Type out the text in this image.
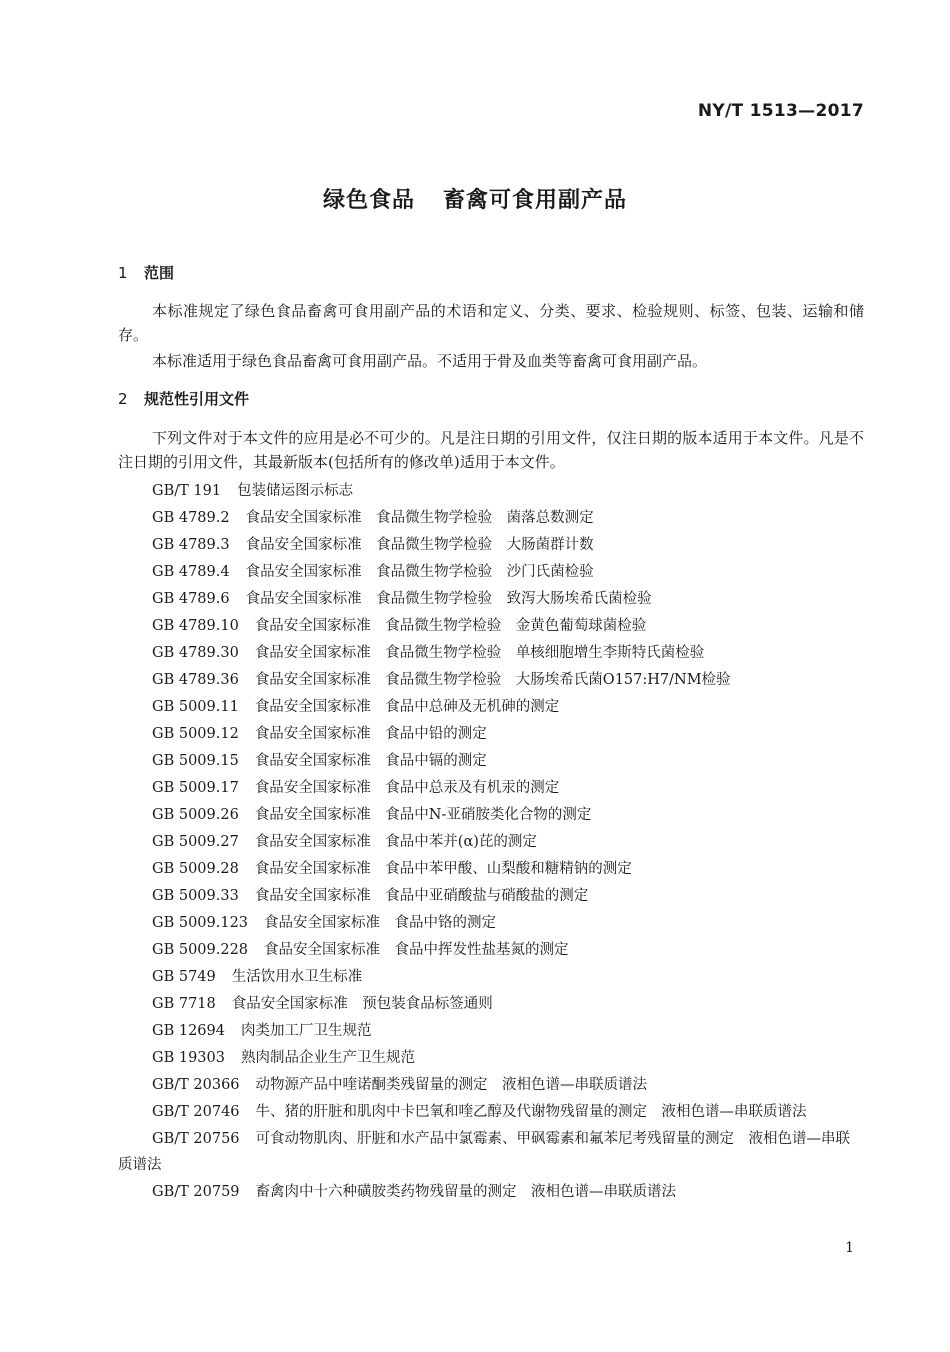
NY/T 1513—2017
绿色食品 畜禽可食用副产品
1 范围
本标准规定了绿色食品畜禽可食用副产品的术语和定义、分类、要求、检验规则、标签、包装、运输和储存。
本标准适用于绿色食品畜禽可食用副产品。不适用于骨及血类等畜禽可食用副产品。
2 规范性引用文件
下列文件对于本文件的应用是必不可少的。凡是注日期的引用文件，仅注日期的版本适用于本文件。凡是不注日期的引用文件，其最新版本(包括所有的修改单)适用于本文件。
GB/T 191 包装储运图示标志
GB 4789.2 食品安全国家标准　食品微生物学检验　菌落总数测定
GB 4789.3 食品安全国家标准　食品微生物学检验　大肠菌群计数
GB 4789.4 食品安全国家标准　食品微生物学检验　沙门氏菌检验
GB 4789.6 食品安全国家标准　食品微生物学检验　致泻大肠埃希氏菌检验
GB 4789.10 食品安全国家标准　食品微生物学检验　金黄色葡萄球菌检验
GB 4789.30 食品安全国家标准　食品微生物学检验　单核细胞增生李斯特氏菌检验
GB 4789.36 食品安全国家标准　食品微生物学检验　大肠埃希氏菌O157:H7/NM检验
GB 5009.11 食品安全国家标准　食品中总砷及无机砷的测定
GB 5009.12 食品安全国家标准　食品中铅的测定
GB 5009.15 食品安全国家标准　食品中镉的测定
GB 5009.17 食品安全国家标准　食品中总汞及有机汞的测定
GB 5009.26 食品安全国家标准　食品中N-亚硝胺类化合物的测定
GB 5009.27 食品安全国家标准　食品中苯并(α)芘的测定
GB 5009.28 食品安全国家标准　食品中苯甲酸、山梨酸和糖精钠的测定
GB 5009.33 食品安全国家标准　食品中亚硝酸盐与硝酸盐的测定
GB 5009.123 食品安全国家标准　食品中铬的测定
GB 5009.228 食品安全国家标准　食品中挥发性盐基氮的测定
GB 5749 生活饮用水卫生标准
GB 7718 食品安全国家标准　预包装食品标签通则
GB 12694 肉类加工厂卫生规范
GB 19303 熟肉制品企业生产卫生规范
GB/T 20366 动物源产品中喹诺酮类残留量的测定　液相色谱—串联质谱法
GB/T 20746 牛、猪的肝脏和肌肉中卡巴氧和喹乙醇及代谢物残留量的测定　液相色谱—串联质谱法
GB/T 20756 可食动物肌肉、肝脏和水产品中氯霉素、甲砜霉素和氟苯尼考残留量的测定　液相色谱—串联质谱法
GB/T 20759 畜禽肉中十六种磺胺类药物残留量的测定　液相色谱—串联质谱法
1
